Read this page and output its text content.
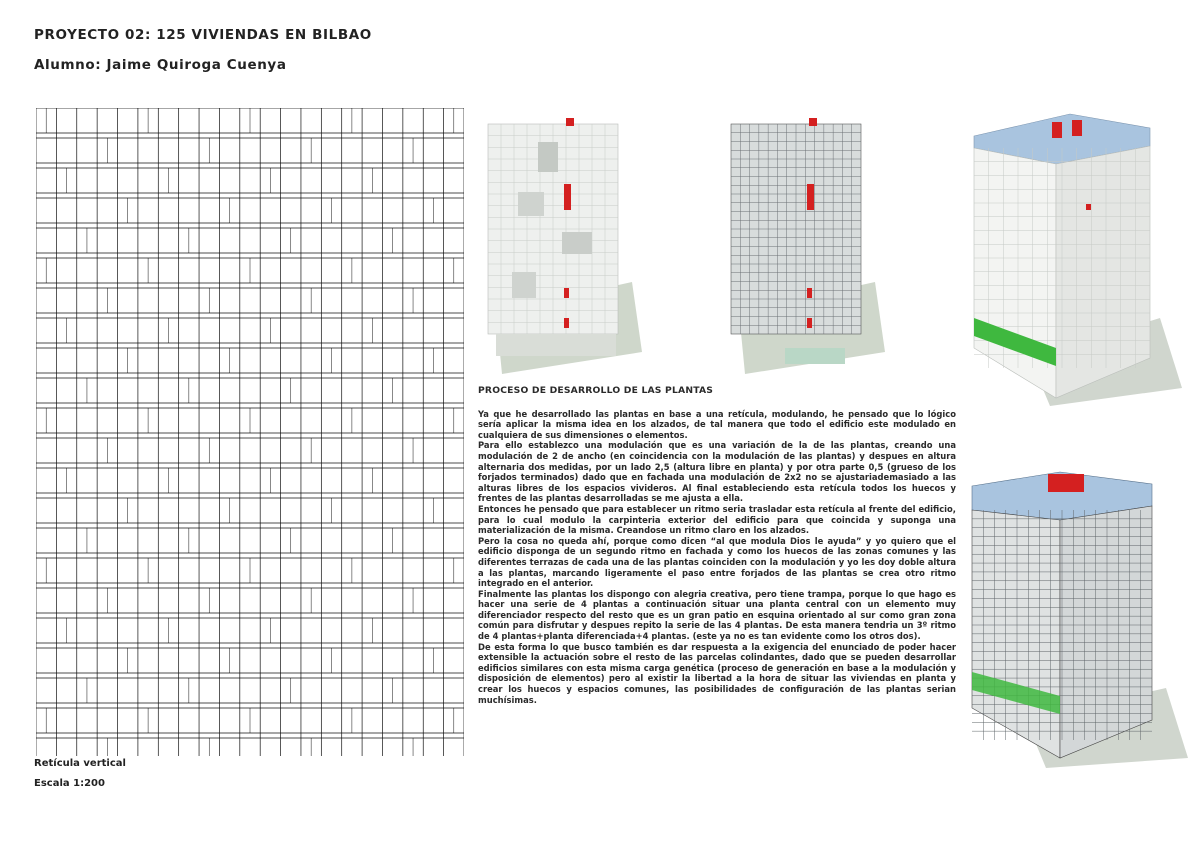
PROYECTO 02: 125 VIVIENDAS EN BILBAO
Alumno: Jaime Quiroga Cuenya
Retícula vertical
Escala 1:200
PROCESO DE DESARROLLO DE LAS PLANTAS

Ya que he desarrollado las plantas en base a una retícula, modulando, he pensado que lo lógico sería aplicar la misma idea en los alzados, de tal manera que todo el edificio este modulado en cualquiera de sus dimensiones o elementos.

Para ello establezco una modulación que es una variación de la de las plantas, creando una modulación de 2 de ancho (en coincidencia con la modulación de las plantas) y despues en altura alternaria dos medidas, por un lado 2,5 (altura libre en planta) y por otra parte 0,5 (grueso de los forjados terminados) dado que en fachada una modulación de 2x2 no se ajustariademasiado a las alturas libres de los espacios vivideros. Al final estableciendo esta retícula todos los huecos y frentes de las plantas desarrolladas se me ajusta a ella.

Entonces he pensado que para establecer un ritmo seria trasladar esta retícula al frente del edificio, para lo cual modulo la carpinteria exterior del edificio para que coincida y suponga una materialización de la misma. Creandose un ritmo claro en los alzados.

Pero la cosa no queda ahí, porque como dicen “al que modula Dios le ayuda” y yo quiero que el edificio disponga de un segundo ritmo en fachada y como los huecos de las zonas comunes y las diferentes terrazas de cada una de las plantas coinciden con la modulación y yo les doy doble altura a las plantas, marcando ligeramente el paso entre forjados de las plantas se crea otro ritmo integrado en el anterior.

Finalmente las plantas los dispongo con alegria creativa, pero tiene trampa, porque lo que hago es hacer una serie de 4 plantas a continuación situar una planta central con un elemento muy diferenciador respecto del resto que es un gran patio en esquina orientado al sur como gran zona común para disfrutar y despues repito la serie de las 4 plantas. De esta manera tendria un 3º ritmo de 4 plantas+planta diferenciada+4 plantas. (este ya no es tan evidente como los otros dos).

De esta forma lo que busco también es dar respuesta a la exigencia del enunciado de poder hacer extensible la actuación sobre el resto de las parcelas colindantes, dado que se pueden desarrollar edificios similares con esta misma carga genética (proceso de generación en base a la modulación y disposición de elementos) pero al existir la libertad a la hora de situar las viviendas en planta y crear los huecos y espacios comunes, las posibilidades de configuración de las plantas serian muchísimas.
